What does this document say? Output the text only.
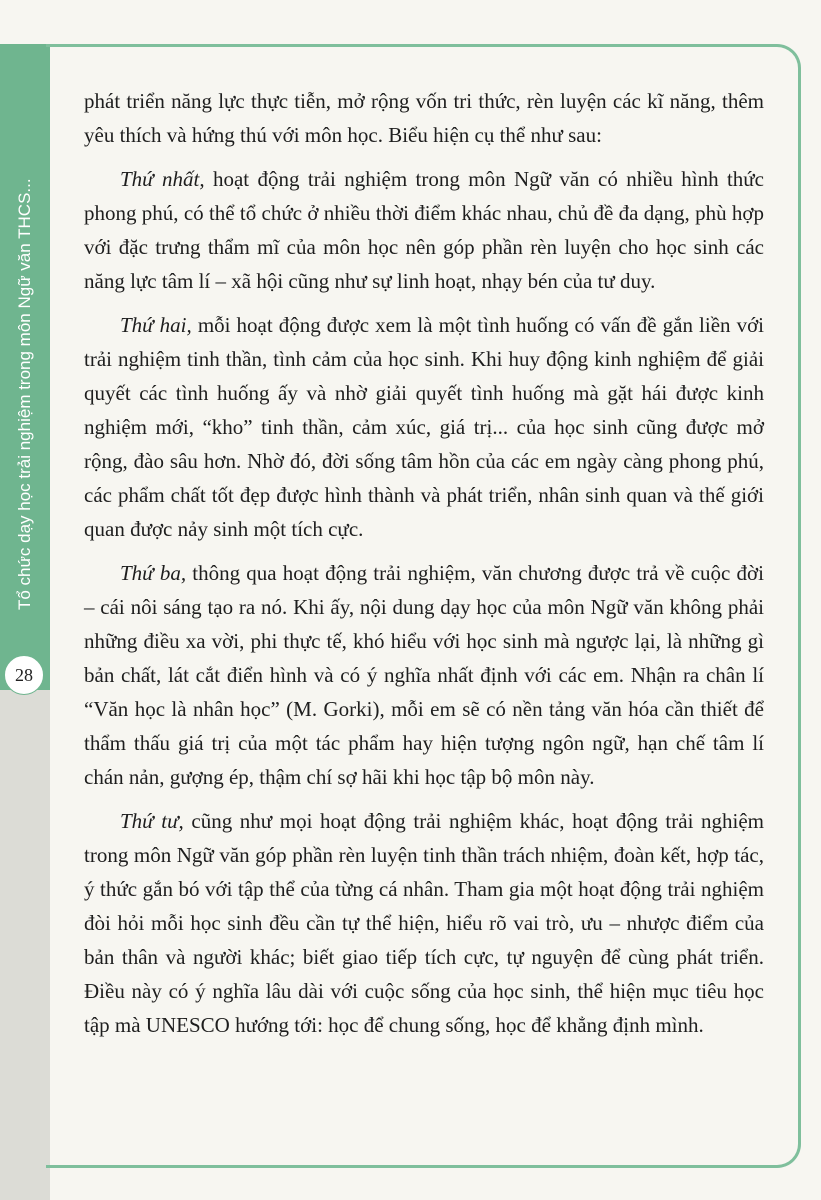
Tổ chức dạy học trải nghiệm trong môn Ngữ văn THCS...
28

phát triển năng lực thực tiễn, mở rộng vốn tri thức, rèn luyện các kĩ năng, thêm yêu thích và hứng thú với môn học. Biểu hiện cụ thể như sau:

Thứ nhất, hoạt động trải nghiệm trong môn Ngữ văn có nhiều hình thức phong phú, có thể tổ chức ở nhiều thời điểm khác nhau, chủ đề đa dạng, phù hợp với đặc trưng thẩm mĩ của môn học nên góp phần rèn luyện cho học sinh các năng lực tâm lí – xã hội cũng như sự linh hoạt, nhạy bén của tư duy.

Thứ hai, mỗi hoạt động được xem là một tình huống có vấn đề gắn liền với trải nghiệm tinh thần, tình cảm của học sinh. Khi huy động kinh nghiệm để giải quyết các tình huống ấy và nhờ giải quyết tình huống mà gặt hái được kinh nghiệm mới, “kho” tinh thần, cảm xúc, giá trị... của học sinh cũng được mở rộng, đào sâu hơn. Nhờ đó, đời sống tâm hồn của các em ngày càng phong phú, các phẩm chất tốt đẹp được hình thành và phát triển, nhân sinh quan và thế giới quan được nảy sinh một tích cực.

Thứ ba, thông qua hoạt động trải nghiệm, văn chương được trả về cuộc đời – cái nôi sáng tạo ra nó. Khi ấy, nội dung dạy học của môn Ngữ văn không phải những điều xa vời, phi thực tế, khó hiểu với học sinh mà ngược lại, là những gì bản chất, lát cắt điển hình và có ý nghĩa nhất định với các em. Nhận ra chân lí “Văn học là nhân học” (M. Gorki), mỗi em sẽ có nền tảng văn hóa cần thiết để thẩm thấu giá trị của một tác phẩm hay hiện tượng ngôn ngữ, hạn chế tâm lí chán nản, gượng ép, thậm chí sợ hãi khi học tập bộ môn này.

Thứ tư, cũng như mọi hoạt động trải nghiệm khác, hoạt động trải nghiệm trong môn Ngữ văn góp phần rèn luyện tinh thần trách nhiệm, đoàn kết, hợp tác, ý thức gắn bó với tập thể của từng cá nhân. Tham gia một hoạt động trải nghiệm đòi hỏi mỗi học sinh đều cần tự thể hiện, hiểu rõ vai trò, ưu – nhược điểm của bản thân và người khác; biết giao tiếp tích cực, tự nguyện để cùng phát triển. Điều này có ý nghĩa lâu dài với cuộc sống của học sinh, thể hiện mục tiêu học tập mà UNESCO hướng tới: học để chung sống, học để khẳng định mình.
